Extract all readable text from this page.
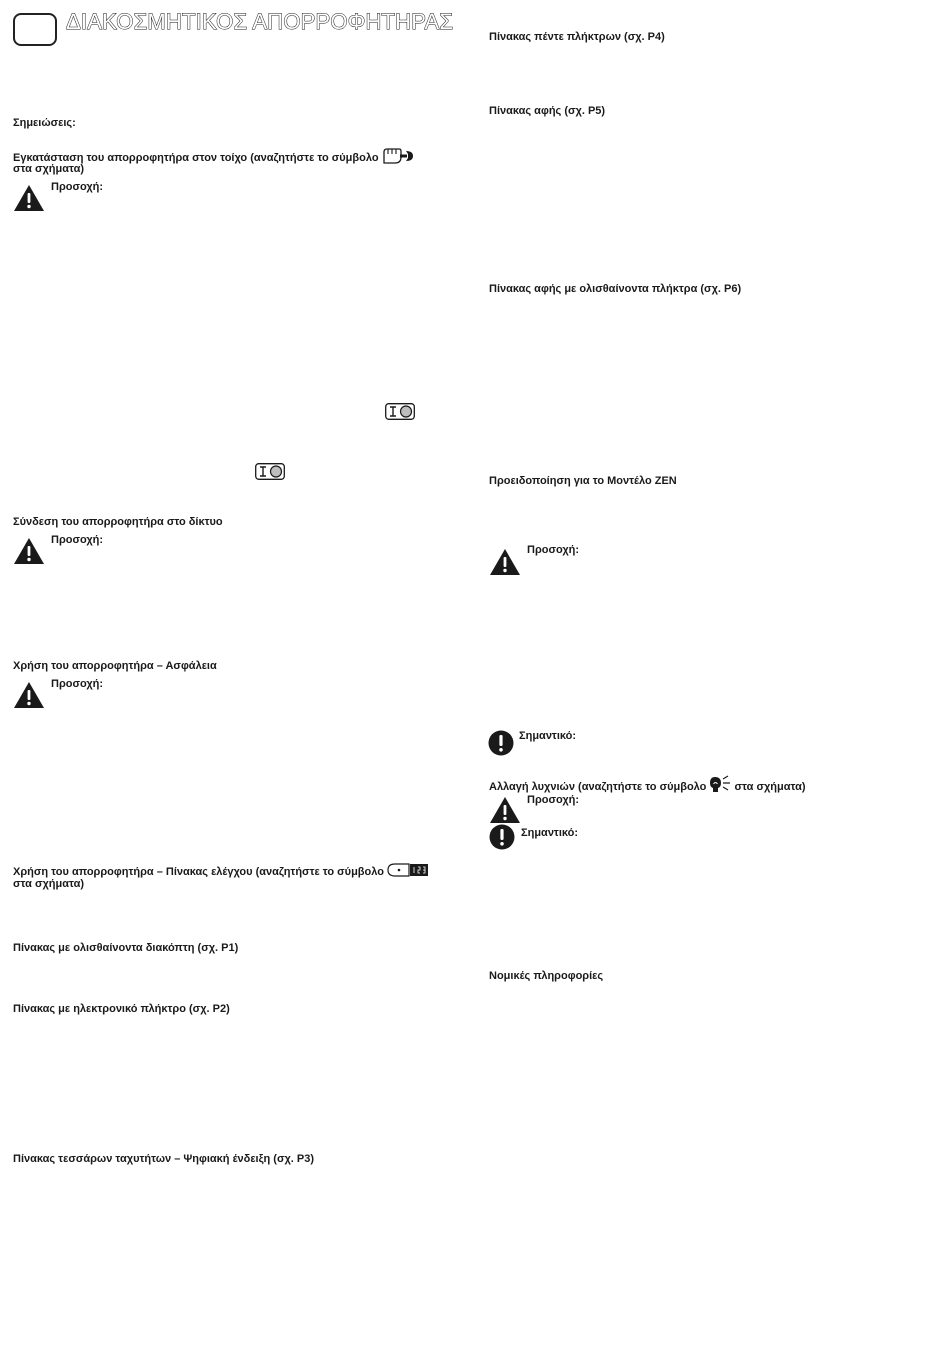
ΔΙΑΚΟΣΜΗΤΙΚΟΣ ΑΠΟΡΡΟΦΗΤΗΡΑΣ
Σημειώσεις:
Εγκατάσταση του απορροφητήρα στον τοίχο (αναζητήστε το σύμβολο
στα σχήματα)
Προσοχή:
Σύνδεση του απορροφητήρα στο δίκτυο
Προσοχή:
Χρήση του απορροφητήρα – Ασφάλεια
Προσοχή:
Χρήση του απορροφητήρα – Πίνακας ελέγχου (αναζητήστε το σύμβολο
στα σχήματα)
Πίνακας με ολισθαίνοντα διακόπτη (σχ. P1)
Πίνακας με ηλεκτρονικό πλήκτρο (σχ. P2)
Πίνακας τεσσάρων ταχυτήτων – Ψηφιακή ένδειξη (σχ. P3)
Πίνακας πέντε πλήκτρων (σχ. P4)
Πίνακας αφής (σχ. P5)
Πίνακας αφής με ολισθαίνοντα πλήκτρα (σχ. P6)
Προειδοποίηση για το Μοντέλο ZEN
Προσοχή:
Σημαντικό:
Αλλαγή λυχνιών (αναζητήστε το σύμβολο	στα σχήματα)
Προσοχή:
Σημαντικό:
Νομικές πληροφορίες
